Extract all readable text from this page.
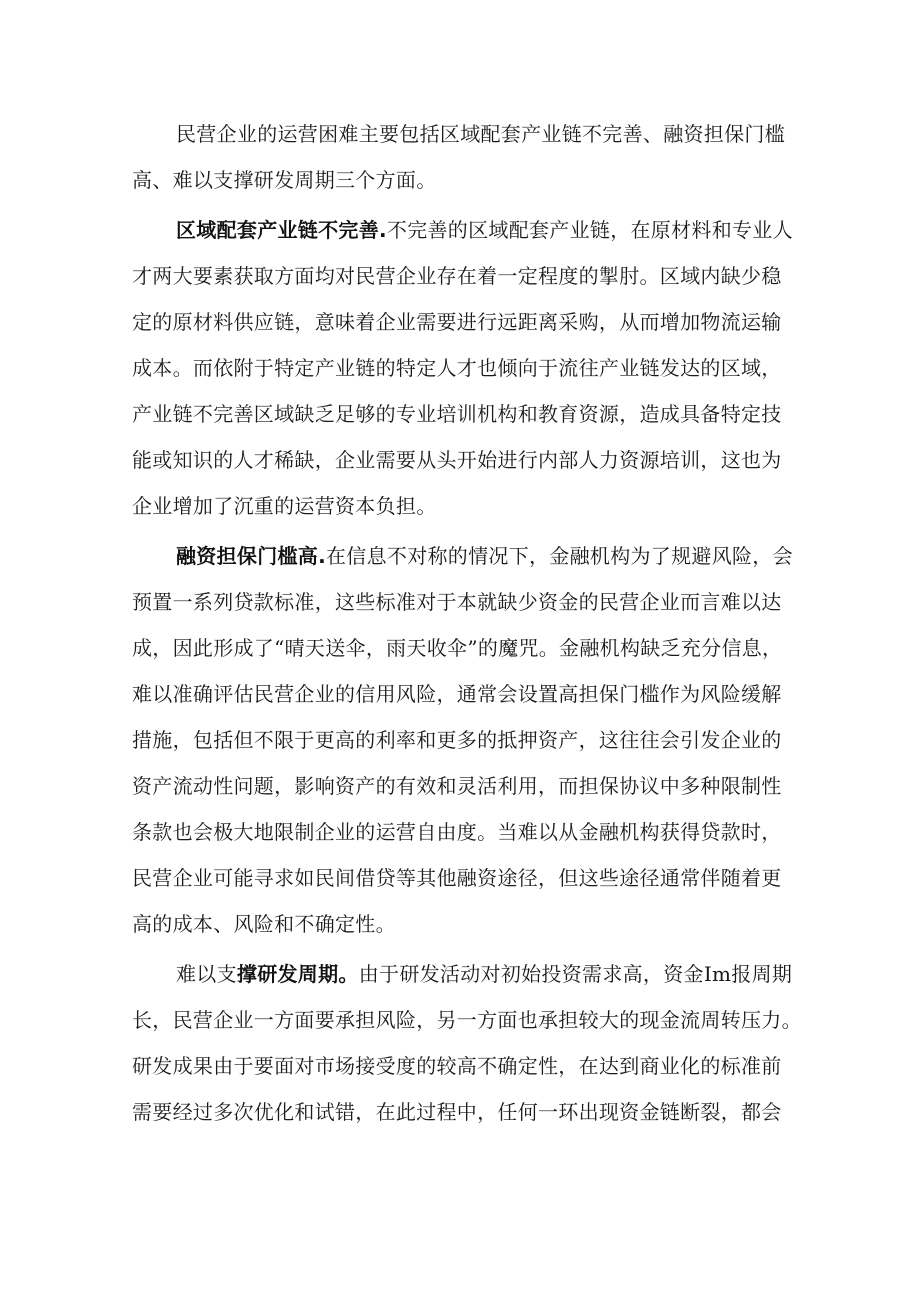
民营企业的运营困难主要包括区域配套产业链不完善、融资担保门槛
高、难以支撑研发周期三个方面。
区域配套产业链不完善.不完善的区域配套产业链，在原材料和专业人
才两大要素获取方面均对民营企业存在着一定程度的掣肘。区域内缺少稳
定的原材料供应链，意味着企业需要进行远距离采购，从而增加物流运输
成本。而依附于特定产业链的特定人才也倾向于流往产业链发达的区域，
产业链不完善区域缺乏足够的专业培训机构和教育资源，造成具备特定技
能或知识的人才稀缺，企业需要从头开始进行内部人力资源培训，这也为
企业增加了沉重的运营资本负担。
融资担保门槛高.在信息不对称的情况下，金融机构为了规避风险，会
预置一系列贷款标准，这些标准对于本就缺少资金的民营企业而言难以达
成，因此形成了“晴天送伞，雨天收伞”的魔咒。金融机构缺乏充分信息，
难以准确评估民营企业的信用风险，通常会设置高担保门槛作为风险缓解
措施，包括但不限于更高的利率和更多的抵押资产，这往往会引发企业的
资产流动性问题，影响资产的有效和灵活利用，而担保协议中多种限制性
条款也会极大地限制企业的运营自由度。当难以从金融机构获得贷款时，
民营企业可能寻求如民间借贷等其他融资途径，但这些途径通常伴随着更
高的成本、风险和不确定性。
难以支撑研发周期。由于研发活动对初始投资需求高，资金Im报周期
长，民营企业一方面要承担风险，另一方面也承担较大的现金流周转压力。
研发成果由于要面对市场接受度的较高不确定性，在达到商业化的标准前
需要经过多次优化和试错，在此过程中，任何一环出现资金链断裂，都会
